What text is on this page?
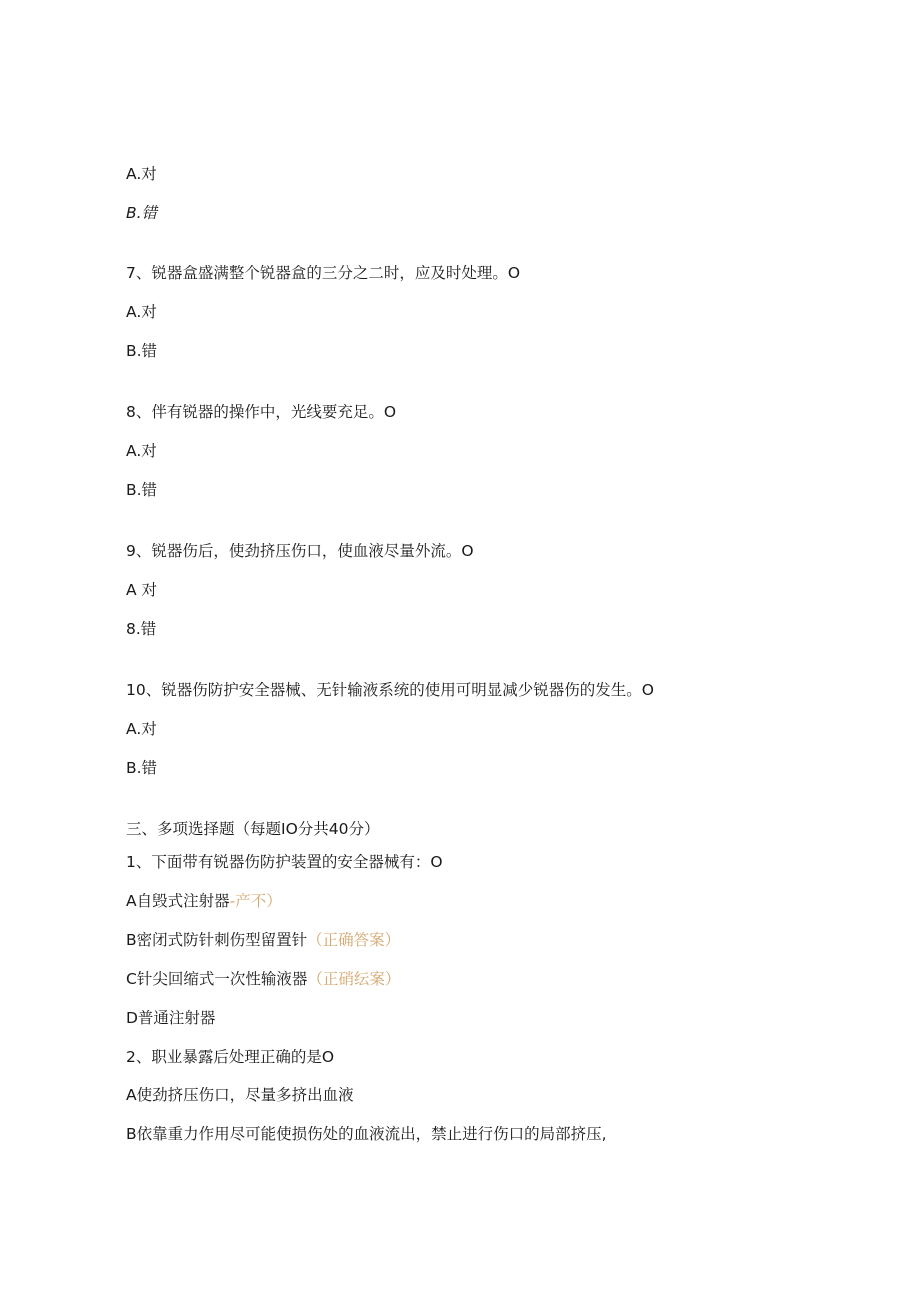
A.对
B.错
7、锐器盒盛满整个锐器盒的三分之二时，应及时处理。O
A.对
B.错
8、伴有锐器的操作中，光线要充足。O
A.对
B.错
9、锐器伤后，使劲挤压伤口，使血液尽量外流。O
A 对
8.错
10、锐器伤防护安全器械、无针输液系统的使用可明显减少锐器伤的发生。O
A.对
B.错
三、多项选择题（每题IO分共40分）
1、下面带有锐器伤防护装置的安全器械有：O
A自毁式注射器-产不）
B密闭式防针刺伤型留置针（正确答案）
C针尖回缩式一次性输液器（正硝纭案）
D普通注射器
2、职业暴露后处理正确的是O
A使劲挤压伤口，尽量多挤出血液
B依靠重力作用尽可能使损伤处的血液流出，禁止进行伤口的局部挤压,
